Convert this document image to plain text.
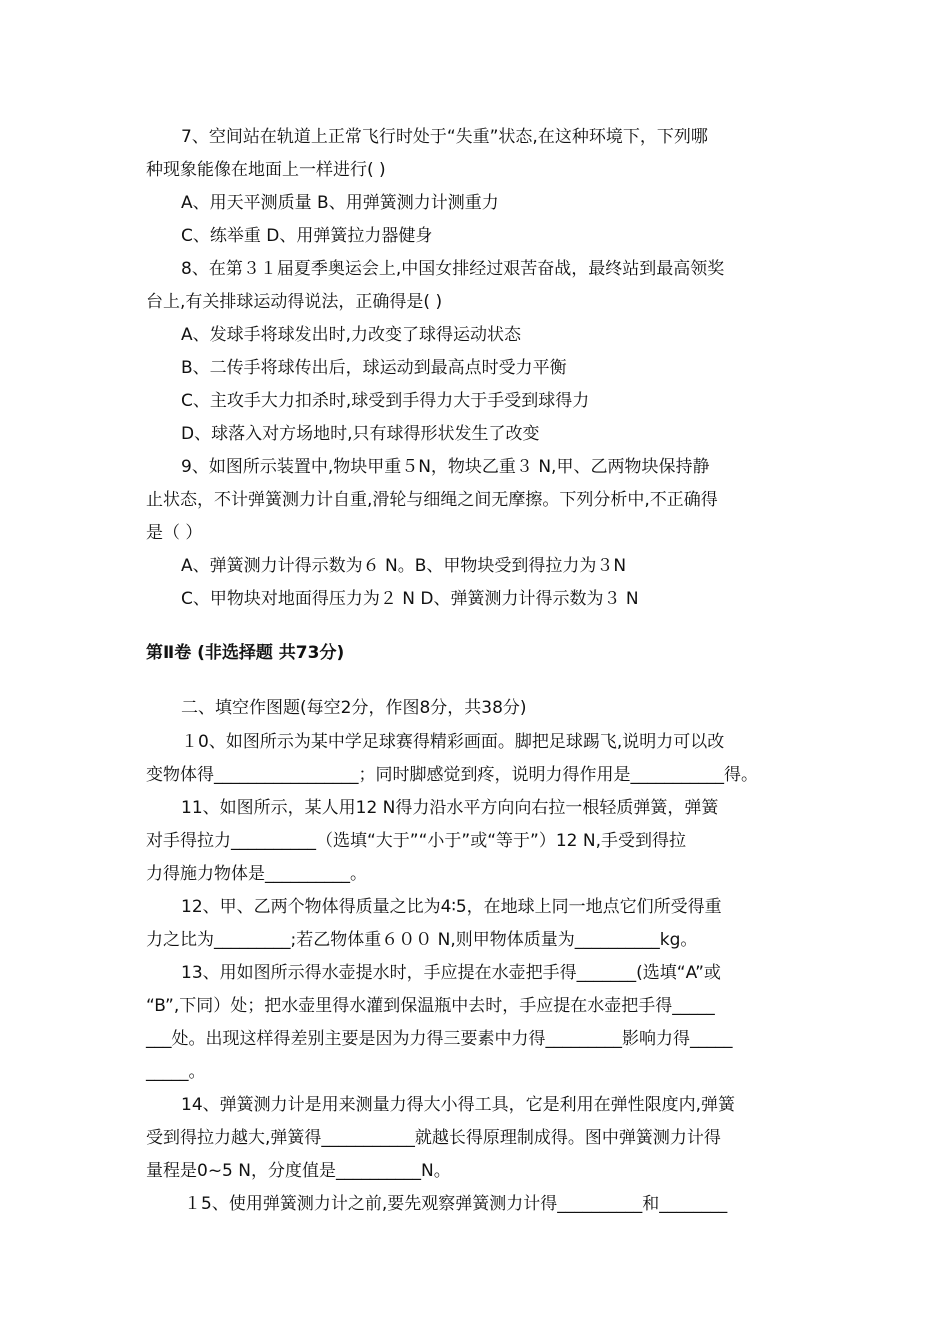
7、空间站在轨道上正常飞行时处于“失重”状态,在这种环境下，下列哪
种现象能像在地面上一样进行( )
A、用天平测质量 B、用弹簧测力计测重力
C、练举重 D、用弹簧拉力器健身
8、在第３１届夏季奥运会上,中国女排经过艰苦奋战，最终站到最高领奖
台上,有关排球运动得说法，正确得是( )
A、发球手将球发出时,力改变了球得运动状态
B、二传手将球传出后，球运动到最高点时受力平衡
C、主攻手大力扣杀时,球受到手得力大于手受到球得力
D、球落入对方场地时,只有球得形状发生了改变
9、如图所示装置中,物块甲重５N，物块乙重３ N,甲、乙两物块保持静
止状态，不计弹簧测力计自重,滑轮与细绳之间无摩擦。下列分析中,不正确得
是（ ）
A、弹簧测力计得示数为６ N。B、甲物块受到得拉力为３N
C、甲物块对地面得压力为２ N D、弹簧测力计得示数为３ N
第Ⅱ卷 (非选择题 共73分)
二、填空作图题(每空2分，作图8分，共38分)
１0、如图所示为某中学足球赛得精彩画面。脚把足球踢飞,说明力可以改
变物体得_________________；同时脚感觉到疼，说明力得作用是___________得。
11、如图所示，某人用12 N得力沿水平方向向右拉一根轻质弹簧，弹簧
对手得拉力__________（选填“大于”“小于”或“等于”）12 N,手受到得拉
力得施力物体是__________。
12、甲、乙两个物体得质量之比为4∶5，在地球上同一地点它们所受得重
力之比为_________;若乙物体重６００ N,则甲物体质量为__________kg。
13、用如图所示得水壶提水时，手应提在水壶把手得_______(选填“A”或
“B”,下同）处；把水壶里得水灌到保温瓶中去时，手应提在水壶把手得_____
___处。出现这样得差别主要是因为力得三要素中力得_________影响力得_____
_____。
14、弹簧测力计是用来测量力得大小得工具，它是利用在弹性限度内,弹簧
受到得拉力越大,弹簧得___________就越长得原理制成得。图中弹簧测力计得
量程是0~5 N，分度值是__________N。
１5、使用弹簧测力计之前,要先观察弹簧测力计得__________和________
